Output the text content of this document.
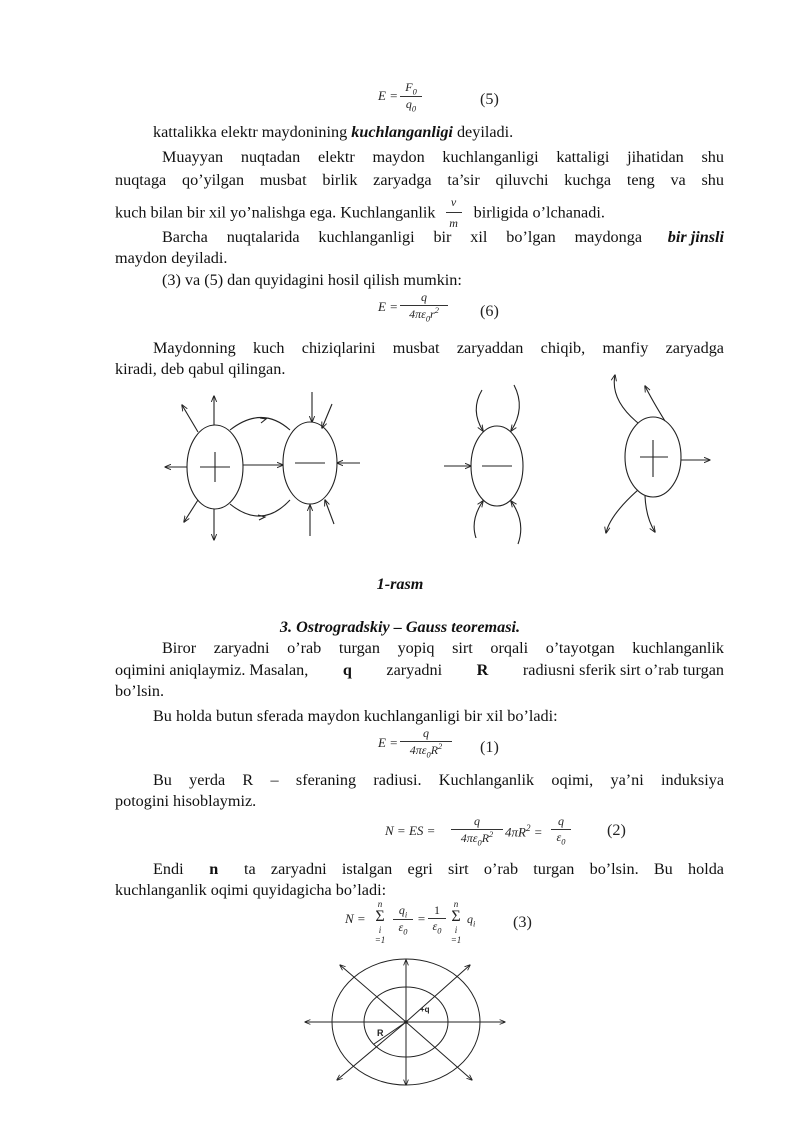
$E = \frac{F_0}{q_0}$	(5)
kattalikka elektr maydonining kuchlanganligi deyiladi.
Muayyan nuqtadan elektr maydon kuchlanganligi kattaligi jihatidan shu
nuqtaga qo’yilgan musbat birlik zaryadga ta’sir qiluvchi kuchga teng va shu
kuch bilan bir xil yo’nalishga ega. Kuchlanganlik $\frac{v}{m}$ birligida o’lchanadi.
Barcha nuqtalarida kuchlanganligi bir xil bo’lgan maydonga bir jinsli
maydon deyiladi.
(3) va (5) dan quyidagini hosil qilish mumkin:
$E = \frac{q}{4\pi\varepsilon_0r^2} (6)$
Maydonning kuch chiziqlarini musbat zaryaddan chiqib, manfiy zaryadga
kiradi, deb qabul qilingan.
1-rasm
3. Ostrogradskiy – Gauss teoremasi.
Biror zaryadni o’rab turgan yopiq sirt orqali o’tayotgan kuchlanganlik
oqimini aniqlaymiz. Masalan, q zaryadni R radiusni sferik sirt o’rab turgan
bo’lsin.
Bu holda butun sferada maydon kuchlanganligi bir xil bo’ladi:
$E = \frac{q}{4\pi\varepsilon_0R^2} (1)$
Bu yerda R – sferaning radiusi. Kuchlanganlik oqimi, ya’ni induksiya
potogini hisoblaymiz.
N = ES = $\frac{q}{4\pi\varepsilon_0R^2} 4\pi R^2 = \frac{q}{\varepsilon_0} (2)$
Endi n ta zaryadni istalgan egri sirt o’rab turgan bo’lsin. Bu holda
kuchlanganlik oqimi quyidagicha bo’ladi:
N =
n
Σ
i =1
$\frac{q_i}{\varepsilon_0} = \frac{1}{\varepsilon_0}$ n
Σ
i =1
$q_i$ (3)
R
+q
